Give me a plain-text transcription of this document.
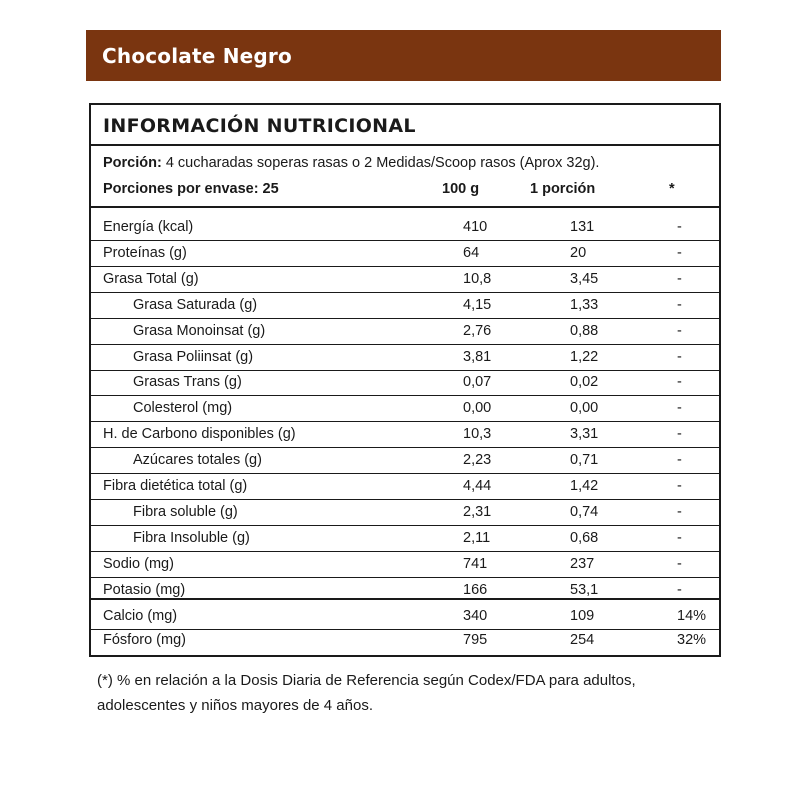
Chocolate Negro
INFORMACIÓN NUTRICIONAL
Porción: 4 cucharadas soperas rasas o 2 Medidas/Scoop rasos (Aprox 32g).
Porciones por envase: 25	100 g	1 porción	*
Energía (kcal)	410	131	-
Proteínas (g)	64	20	-
Grasa Total (g)	10,8	3,45	-
Grasa Saturada (g)	4,15	1,33	-
Grasa Monoinsat (g)	2,76	0,88	-
Grasa Poliinsat (g)	3,81	1,22	-
Grasas Trans (g)	0,07	0,02	-
Colesterol (mg)	0,00	0,00	-
H. de Carbono disponibles (g)	10,3	3,31	-
Azúcares totales (g)	2,23	0,71	-
Fibra dietética total (g)	4,44	1,42	-
Fibra soluble (g)	2,31	0,74	-
Fibra Insoluble (g)	2,11	0,68	-
Sodio (mg)	741	237	-
Potasio (mg)	166	53,1	-
Calcio (mg)	340	109	14%
Fósforo (mg)	795	254	32%
(*) % en relación a la Dosis Diaria de Referencia según Codex/FDA para adultos, adolescentes y niños mayores de 4 años.
